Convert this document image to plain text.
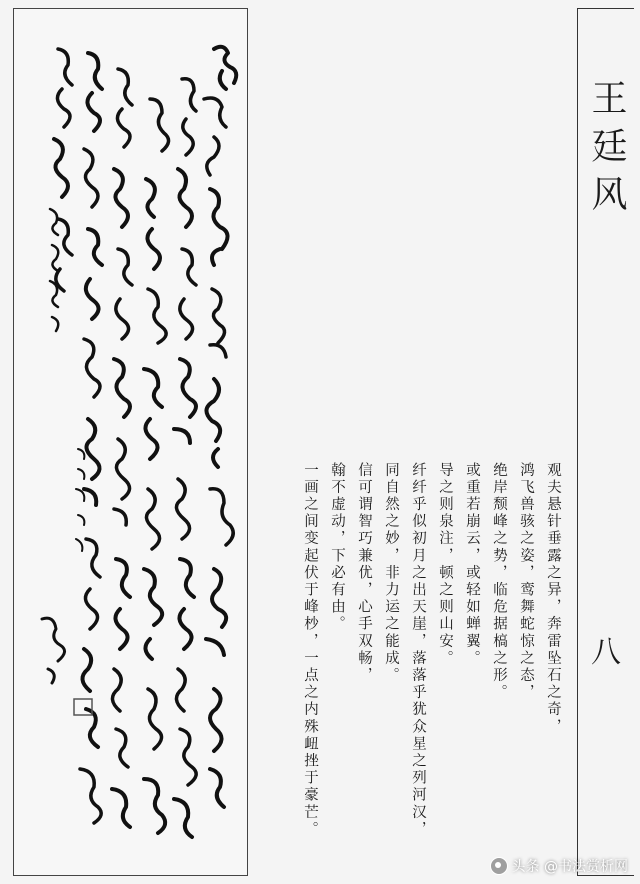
观夫悬针垂露之异，奔雷坠石之奇，
鸿飞兽骇之姿，鸾舞蛇惊之态，
绝岸颓峰之势，临危据槁之形。
或重若崩云，或轻如蝉翼。
导之则泉注，顿之则山安。
纤纤乎似初月之出天崖，落落乎犹众星之列河汉，
同自然之妙，非力运之能成。
信可谓智巧兼优，心手双畅，
翰不虚动，下必有由。
一画之间变起伏于峰杪，一点之内殊衄挫于豪芒。
王廷风
八
头条 @书法赏析网
